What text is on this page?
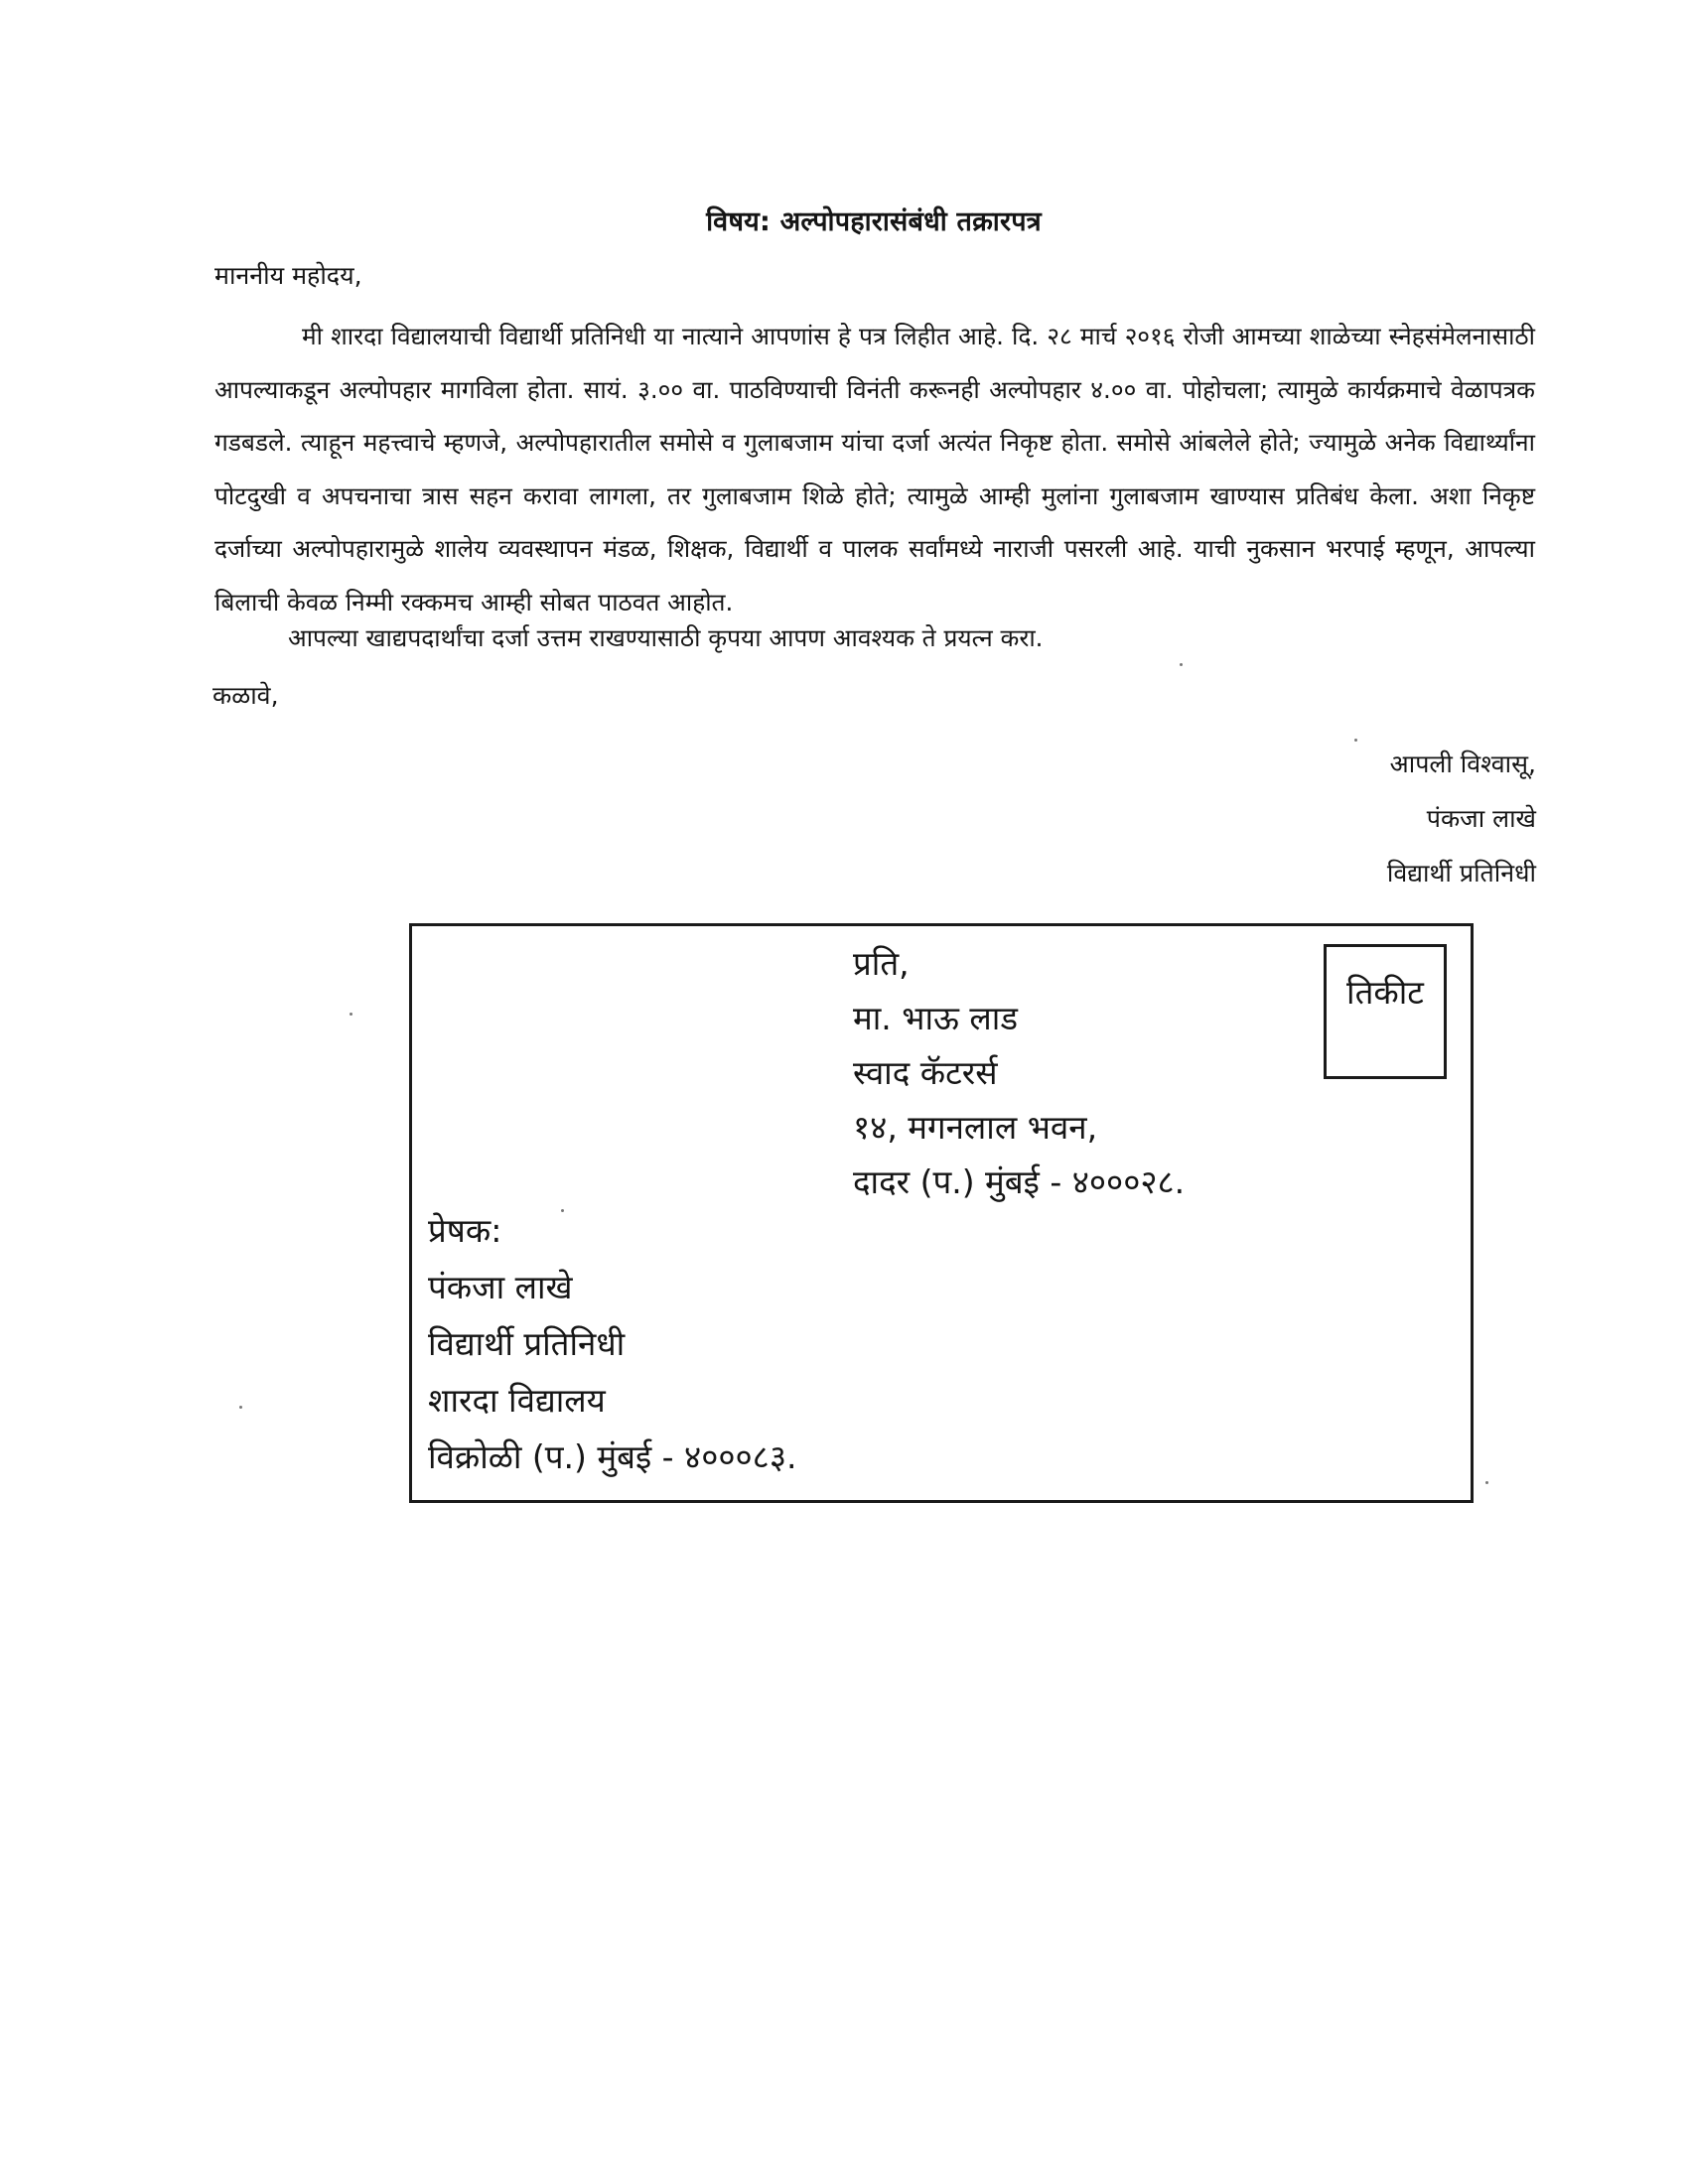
विषय: अल्पोपहारासंबंधी तक्रारपत्र
माननीय महोदय,

मी शारदा विद्यालयाची विद्यार्थी प्रतिनिधी या नात्याने आपणांस हे पत्र लिहीत आहे. दि. २८ मार्च २०१६ रोजी आमच्या शाळेच्या स्नेहसंमेलनासाठी आपल्याकडून अल्पोपहार मागविला होता. सायं. ३.०० वा. पाठविण्याची विनंती करूनही अल्पोपहार ४.०० वा. पोहोचला; त्यामुळे कार्यक्रमाचे वेळापत्रक गडबडले. त्याहून महत्त्वाचे म्हणजे, अल्पोपहारातील समोसे व गुलाबजाम यांचा दर्जा अत्यंत निकृष्ट होता. समोसे आंबलेले होते; ज्यामुळे अनेक विद्यार्थ्यांना पोटदुखी व अपचनाचा त्रास सहन करावा लागला, तर गुलाबजाम शिळे होते; त्यामुळे आम्ही मुलांना गुलाबजाम खाण्यास प्रतिबंध केला. अशा निकृष्ट दर्जाच्या अल्पोपहारामुळे शालेय व्यवस्थापन मंडळ, शिक्षक, विद्यार्थी व पालक सर्वांमध्ये नाराजी पसरली आहे. याची नुकसान भरपाई म्हणून, आपल्या बिलाची केवळ निम्मी रक्कमच आम्ही सोबत पाठवत आहोत.

आपल्या खाद्यपदार्थांचा दर्जा उत्तम राखण्यासाठी कृपया आपण आवश्यक ते प्रयत्न करा.
कळावे,
आपली विश्वासू,
पंकजा लाखे
विद्यार्थी प्रतिनिधी
तिकीट
प्रति,
मा. भाऊ लाड
स्वाद कॅटरर्स
१४, मगनलाल भवन,
दादर (प.) मुंबई - ४०००२८.
प्रेषक:
पंकजा लाखे
विद्यार्थी प्रतिनिधी
शारदा विद्यालय
विक्रोळी (प.) मुंबई - ४०००८३.
